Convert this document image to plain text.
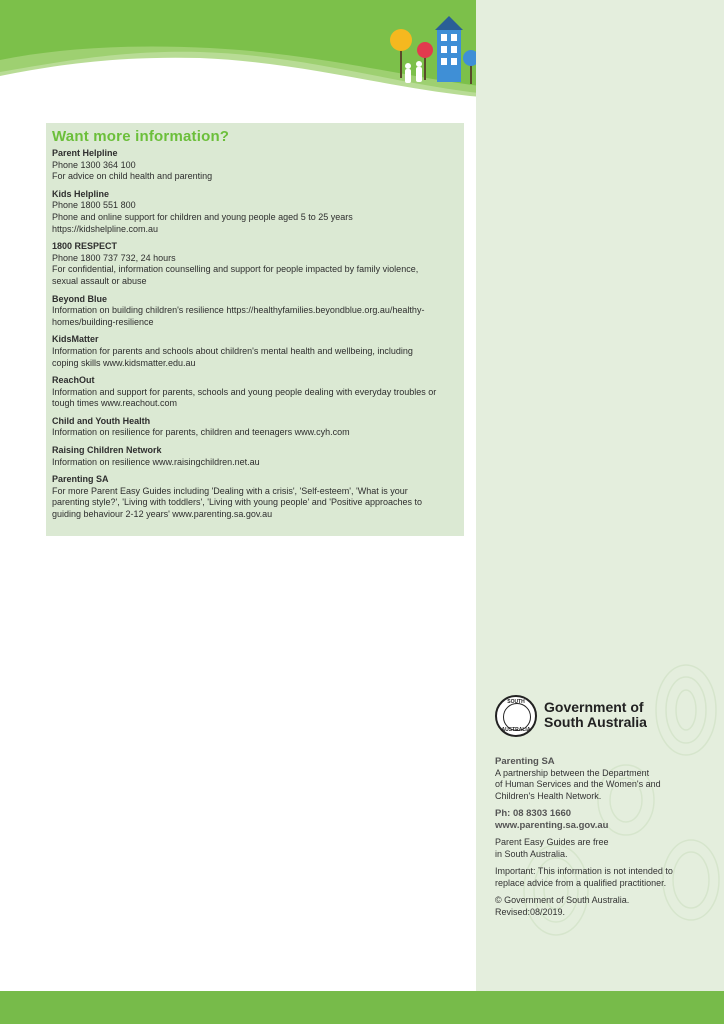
Want more information?
Parent Helpline
Phone 1300 364 100
For advice on child health and parenting
Kids Helpline
Phone 1800 551 800
Phone and online support for children and young people aged 5 to 25 years
https://kidshelpline.com.au
1800 RESPECT
Phone 1800 737 732, 24 hours
For confidential, information counselling and support for people impacted by family violence,
sexual assault or abuse
Beyond Blue
Information on building children's resilience https://healthyfamilies.beyondblue.org.au/healthy-
homes/building-resilience
KidsMatter
Information for parents and schools about children's mental health and wellbeing, including
coping skills www.kidsmatter.edu.au
ReachOut
Information and support for parents, schools and young people dealing with everyday troubles or
tough times www.reachout.com
Child and Youth Health
Information on resilience for parents, children and teenagers www.cyh.com
Raising Children Network
Information on resilience www.raisingchildren.net.au
Parenting SA
For more Parent Easy Guides including 'Dealing with a crisis', 'Self-esteem', 'What is your
parenting style?', 'Living with toddlers', 'Living with young people' and 'Positive approaches to
guiding behaviour 2-12 years' www.parenting.sa.gov.au
SOUTH
AUSTRALIA
Government of
South Australia
Parenting SA
A partnership between the Department
of Human Services and the Women's and
Children's Health Network.
Ph: 08 8303 1660
www.parenting.sa.gov.au
Parent Easy Guides are free
in South Australia.
Important: This information is not intended to
replace advice from a qualified practitioner.
© Government of South Australia.
Revised:08/2019.
